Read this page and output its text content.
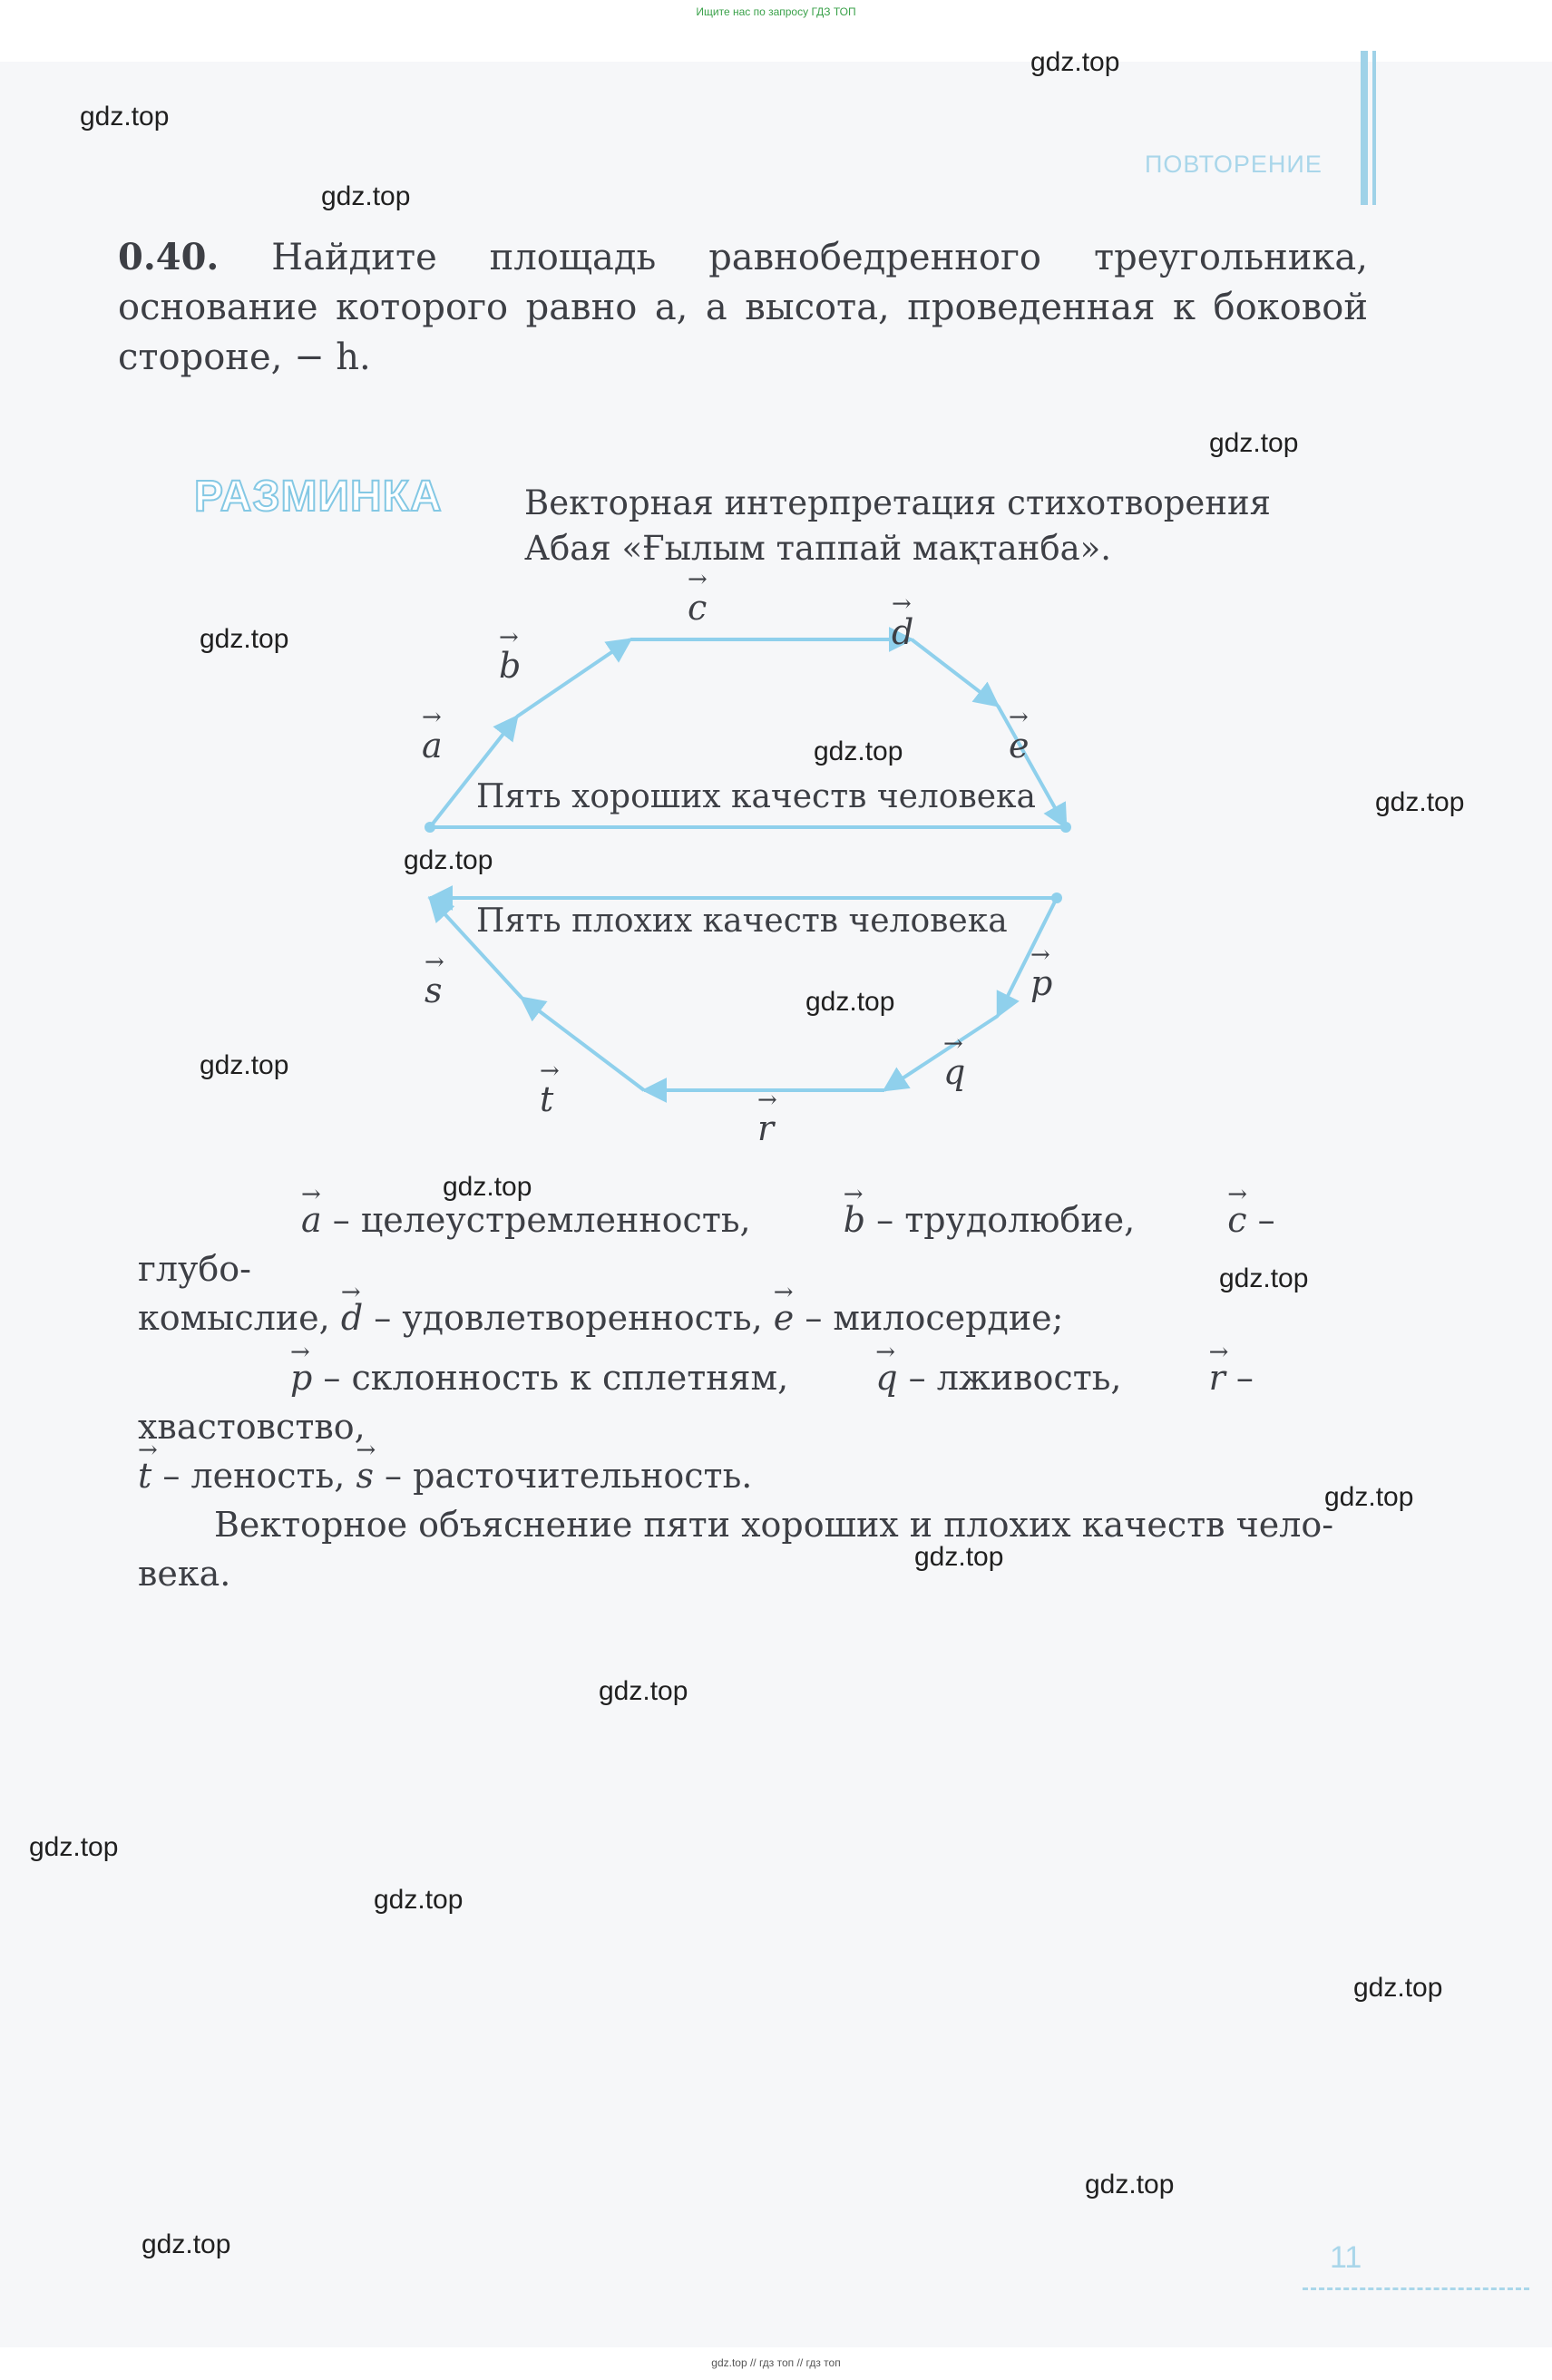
Ищите нас по запросу ГДЗ ТОП
ПОВТОРЕНИЕ
0.40. Найдите площадь равнобедренного треугольника, основание которого равно a, а высота, проведенная к боковой стороне, − h.
РАЗМИНКА Векторная интерпретация стихотворения
Абая «Ғылым таппай мақтанба».
→ a
→ b
→ c
→ d
→ e
Пять хороших качеств человека
Пять плохих качеств человека
→ p
→ q
→ r
→ t
→ s

→ a – целеустремленность, → b – трудолюбие, → c – глубо-

комыслие, → d – удовлетворенность, → e – милосердие;

→ p – склонность к сплетням, → q – лживость, → r – хвастовство,

→ t – леность, → s – расточительность.

Векторное объяснение пяти хороших и плохих качеств чело-

века.

11
gdz.top
gdz.top
gdz.top
gdz.top
gdz.top
gdz.top
gdz.top
gdz.top
gdz.top
gdz.top
gdz.top
gdz.top
gdz.top
gdz.top
gdz.top
gdz.top
gdz.top
gdz.top
gdz.top
gdz.top
gdz.top // гдз топ // гдз топ
